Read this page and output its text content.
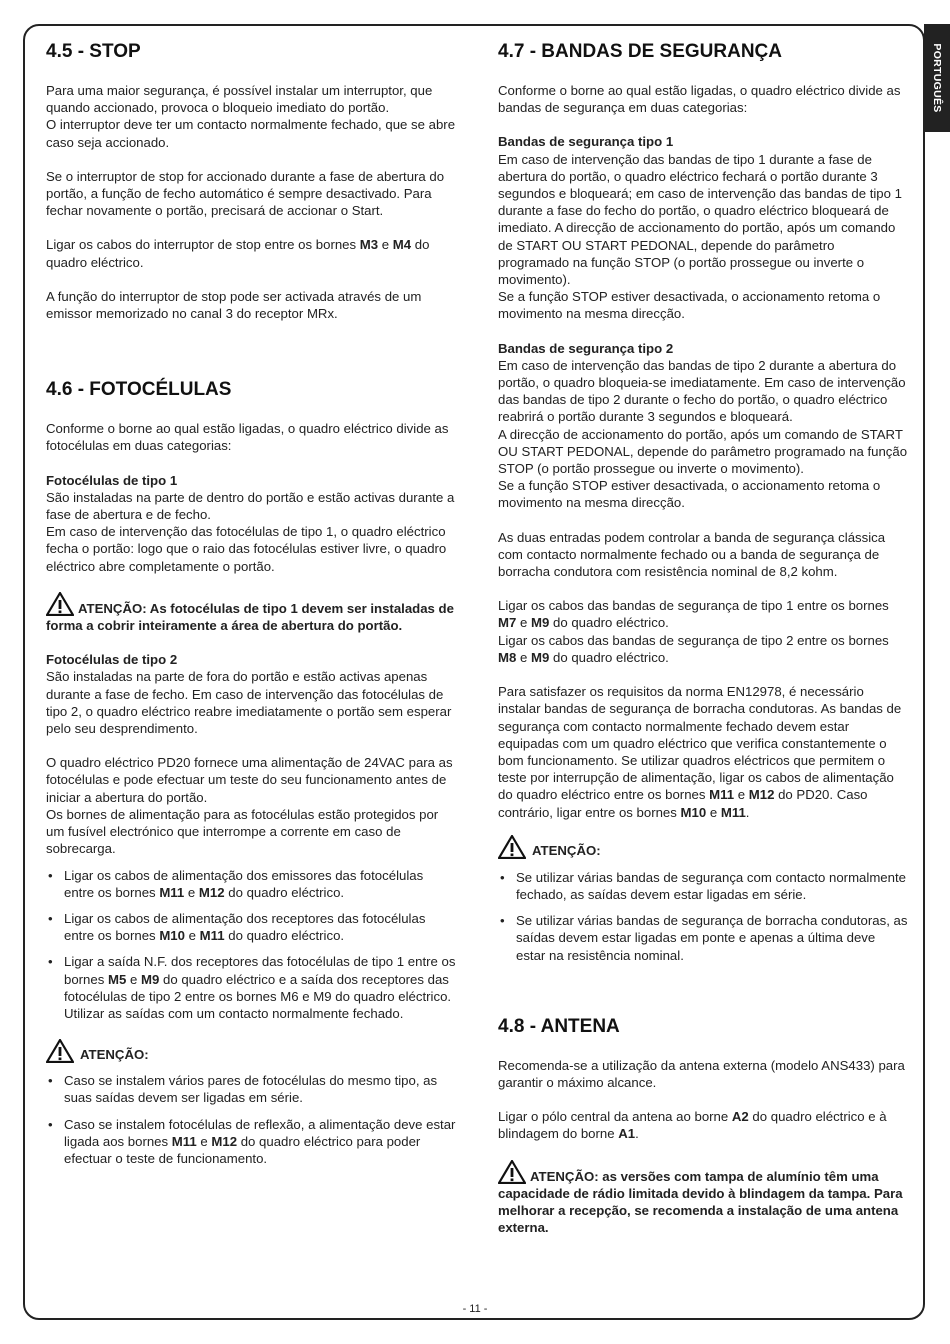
PORTUGUÊS
4.5 - STOP

Para uma maior segurança, é possível instalar um interruptor, que quando accionado, provoca o bloqueio imediato do portão.

O interruptor deve ter um contacto normalmente fechado, que se abre caso seja accionado.

Se o interruptor de stop for accionado durante a fase de abertura do portão, a função de fecho automático é sempre desactivado. Para fechar novamente o portão, precisará de accionar o Start.

Ligar os cabos do interruptor de stop entre os bornes M3 e M4 do quadro eléctrico.

A função do interruptor de stop pode ser activada através de um emissor memorizado no canal 3 do receptor MRx.

4.6 - FOTOCÉLULAS

Conforme o borne ao qual estão ligadas, o quadro eléctrico divide as fotocélulas em duas categorias:

Fotocélulas de tipo 1

São instaladas na parte de dentro do portão e estão activas durante a fase de abertura e de fecho.

Em caso de intervenção das fotocélulas de tipo 1, o quadro eléctrico fecha o portão: logo que o raio das fotocélulas estiver livre, o quadro eléctrico abre completamente o portão.

ATENÇÃO: As fotocélulas de tipo 1 devem ser instaladas de forma a cobrir inteiramente a área de abertura do portão.

Fotocélulas de tipo 2

São instaladas na parte de fora do portão e estão activas apenas durante a fase de fecho. Em caso de intervenção das fotocélulas de tipo 2, o quadro eléctrico reabre imediatamente o portão sem esperar pelo seu desprendimento.

O quadro eléctrico PD20 fornece uma alimentação de 24VAC para as fotocélulas e pode efectuar um teste do seu funcionamento antes de iniciar a abertura do portão.

Os bornes de alimentação para as fotocélulas estão protegidos por um fusível electrónico que interrompe a corrente em caso de sobrecarga.

• Ligar os cabos de alimentação dos emissores das fotocélulas entre os bornes M11 e M12 do quadro eléctrico.
• Ligar os cabos de alimentação dos receptores das fotocélulas entre os bornes M10 e M11 do quadro eléctrico.
• Ligar a saída N.F. dos receptores das fotocélulas de tipo 1 entre os bornes M5 e M9 do quadro eléctrico e a saída dos receptores das fotocélulas de tipo 2 entre os bornes M6 e M9 do quadro eléctrico. Utilizar as saídas com um contacto normalmente fechado.
ATENÇÃO:
• Caso se instalem vários pares de fotocélulas do mesmo tipo, as suas saídas devem ser ligadas em série.
• Caso se instalem fotocélulas de reflexão, a alimentação deve estar ligada aos bornes M11 e M12 do quadro eléctrico para poder efectuar o teste de funcionamento.
4.7 - BANDAS DE SEGURANÇA

Conforme o borne ao qual estão ligadas, o quadro eléctrico divide as bandas de segurança em duas categorias:

Bandas de segurança tipo 1

Em caso de intervenção das bandas de tipo 1 durante a fase de abertura do portão, o quadro eléctrico fechará o portão durante 3 segundos e bloqueará; em caso de intervenção das bandas de tipo 1 durante a fase do fecho do portão, o quadro eléctrico bloqueará de imediato. A direcção de accionamento do portão, após um comando de START OU START PEDONAL, depende do parâmetro programado na função STOP (o portão prossegue ou inverte o movimento).

Se a função STOP estiver desactivada, o accionamento retoma o movimento na mesma direcção.

Bandas de segurança tipo 2

Em caso de intervenção das bandas de tipo 2 durante a abertura do portão, o quadro bloqueia-se imediatamente. Em caso de intervenção das bandas de tipo 2 durante o fecho do portão, o quadro eléctrico reabrirá o portão durante 3 segundos e bloqueará.

A direcção de accionamento do portão, após um comando de START OU START PEDONAL, depende do parâmetro programado na função STOP (o portão prossegue ou inverte o movimento).

Se a função STOP estiver desactivada, o accionamento retoma o movimento na mesma direcção.

As duas entradas podem controlar a banda de segurança clássica com contacto normalmente fechado ou a banda de segurança de borracha condutora com resistência nominal de 8,2 kohm.

Ligar os cabos das bandas de segurança de tipo 1 entre os bornes M7 e M9 do quadro eléctrico.

Ligar os cabos das bandas de segurança de tipo 2 entre os bornes M8 e M9 do quadro eléctrico.

Para satisfazer os requisitos da norma EN12978, é necessário instalar bandas de segurança de borracha condutoras. As bandas de segurança com contacto normalmente fechado devem estar equipadas com um quadro eléctrico que verifica constantemente o bom funcionamento. Se utilizar quadros eléctricos que permitem o teste por interrupção de alimentação, ligar os cabos de alimentação do quadro eléctrico entre os bornes M11 e M12 do PD20. Caso contrário, ligar entre os bornes M10 e M11.

ATENÇÃO:
• Se utilizar várias bandas de segurança com contacto normalmente fechado, as saídas devem estar ligadas em série.
• Se utilizar várias bandas de segurança de borracha condutoras, as saídas devem estar ligadas em ponte e apenas a última deve estar na resistência nominal.
4.8 - ANTENA

Recomenda-se a utilização da antena externa (modelo ANS433) para garantir o máximo alcance.

Ligar o pólo central da antena ao borne A2 do quadro eléctrico e à blindagem do borne A1.

ATENÇÃO: as versões com tampa de alumínio têm uma capacidade de rádio limitada devido à blindagem da tampa. Para melhorar a recepção, se recomenda a instalação de uma antena externa.

- 11 -
